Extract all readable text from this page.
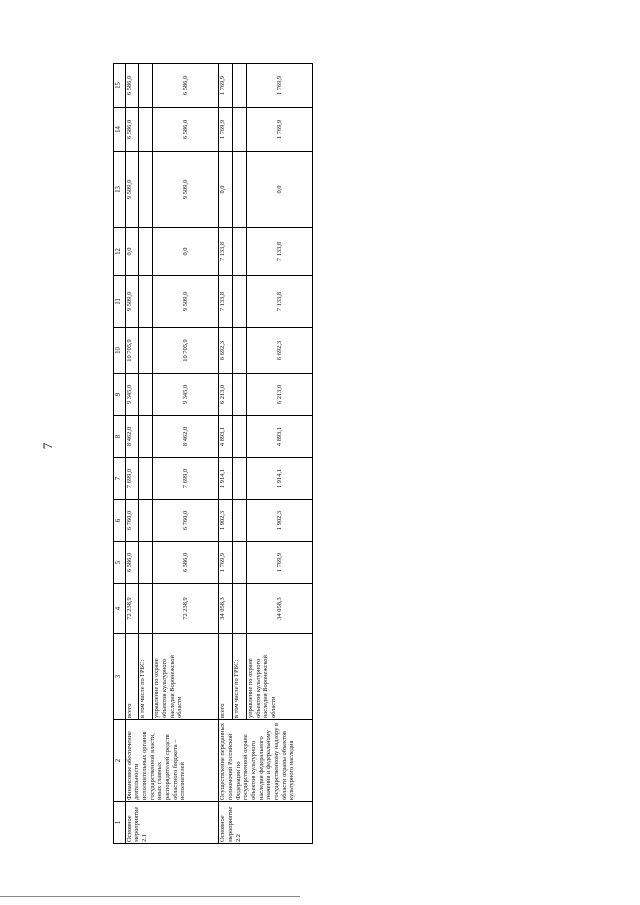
7
1	2	3	4	5	6	7	8	9	10	11	12	13	14	15
Основное мероприятие 2.1	Финансовое обеспечение деятельности исполнительных органов государственной власти, иных главных распорядителей средств областного бюджета – исполнителей	всего	72 238,9	6 586,0	6 760,0	7 699,0	8 462,0	9 345,0	10 705,9	9 509,0	0,0	9 509,0	6 586,0	6 586,0
		в том числе по ГРБС:												
		управление по охране объектов культурного наследия Воронежской области	72 238,9	6 586,0	6 760,0	7 699,0	8 462,0	9 345,0	10 705,9	9 509,0	0,0	9 509,0	6 586,0	6 586,0
Основное мероприятие 2.2	Осуществление переданных полномочий Российской Федерации по государственной охране объектов культурного наследия федерального значения и федеральному государственному надзору в области охраны объектов культурного наследия	всего	34 058,3	1 769,9	1 902,3	1 914,1	4 893,1	6 213,0	6 692,3	7 133,8	7 133,8	0,0	1 769,9	1 769,9
		в том числе по ГРБС:												
		управление по охране объектов культурного наследия Воронежской области	34 058,3	1 769,9	1 902,3	1 914,1	4 893,1	6 213,0	6 692,3	7 133,8	7 133,8	0,0	1 769,9	1 769,9
